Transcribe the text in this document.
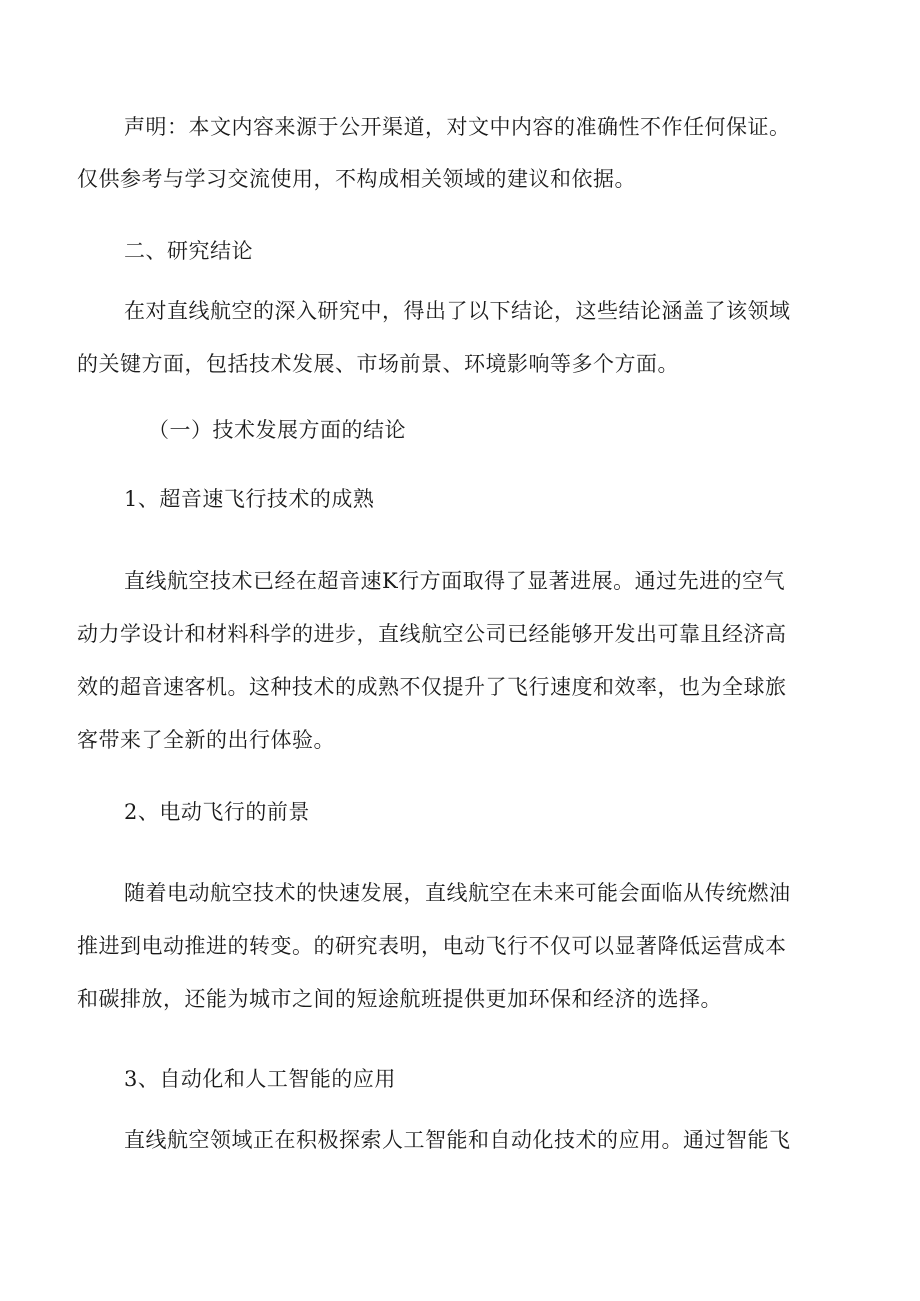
声明：本文内容来源于公开渠道，对文中内容的准确性不作任何保证。
仅供参考与学习交流使用，不构成相关领域的建议和依据。
二、研究结论
在对直线航空的深入研究中，得出了以下结论，这些结论涵盖了该领域
的关键方面，包括技术发展、市场前景、环境影响等多个方面。
（一）技术发展方面的结论
1、超音速飞行技术的成熟
直线航空技术已经在超音速K行方面取得了显著进展。通过先进的空气
动力学设计和材料科学的进步，直线航空公司已经能够开发出可靠且经济高
效的超音速客机。这种技术的成熟不仅提升了飞行速度和效率，也为全球旅
客带来了全新的出行体验。
2、电动飞行的前景
随着电动航空技术的快速发展，直线航空在未来可能会面临从传统燃油
推进到电动推进的转变。的研究表明，电动飞行不仅可以显著降低运营成本
和碳排放，还能为城市之间的短途航班提供更加环保和经济的选择。
3、自动化和人工智能的应用
直线航空领域正在积极探索人工智能和自动化技术的应用。通过智能飞
